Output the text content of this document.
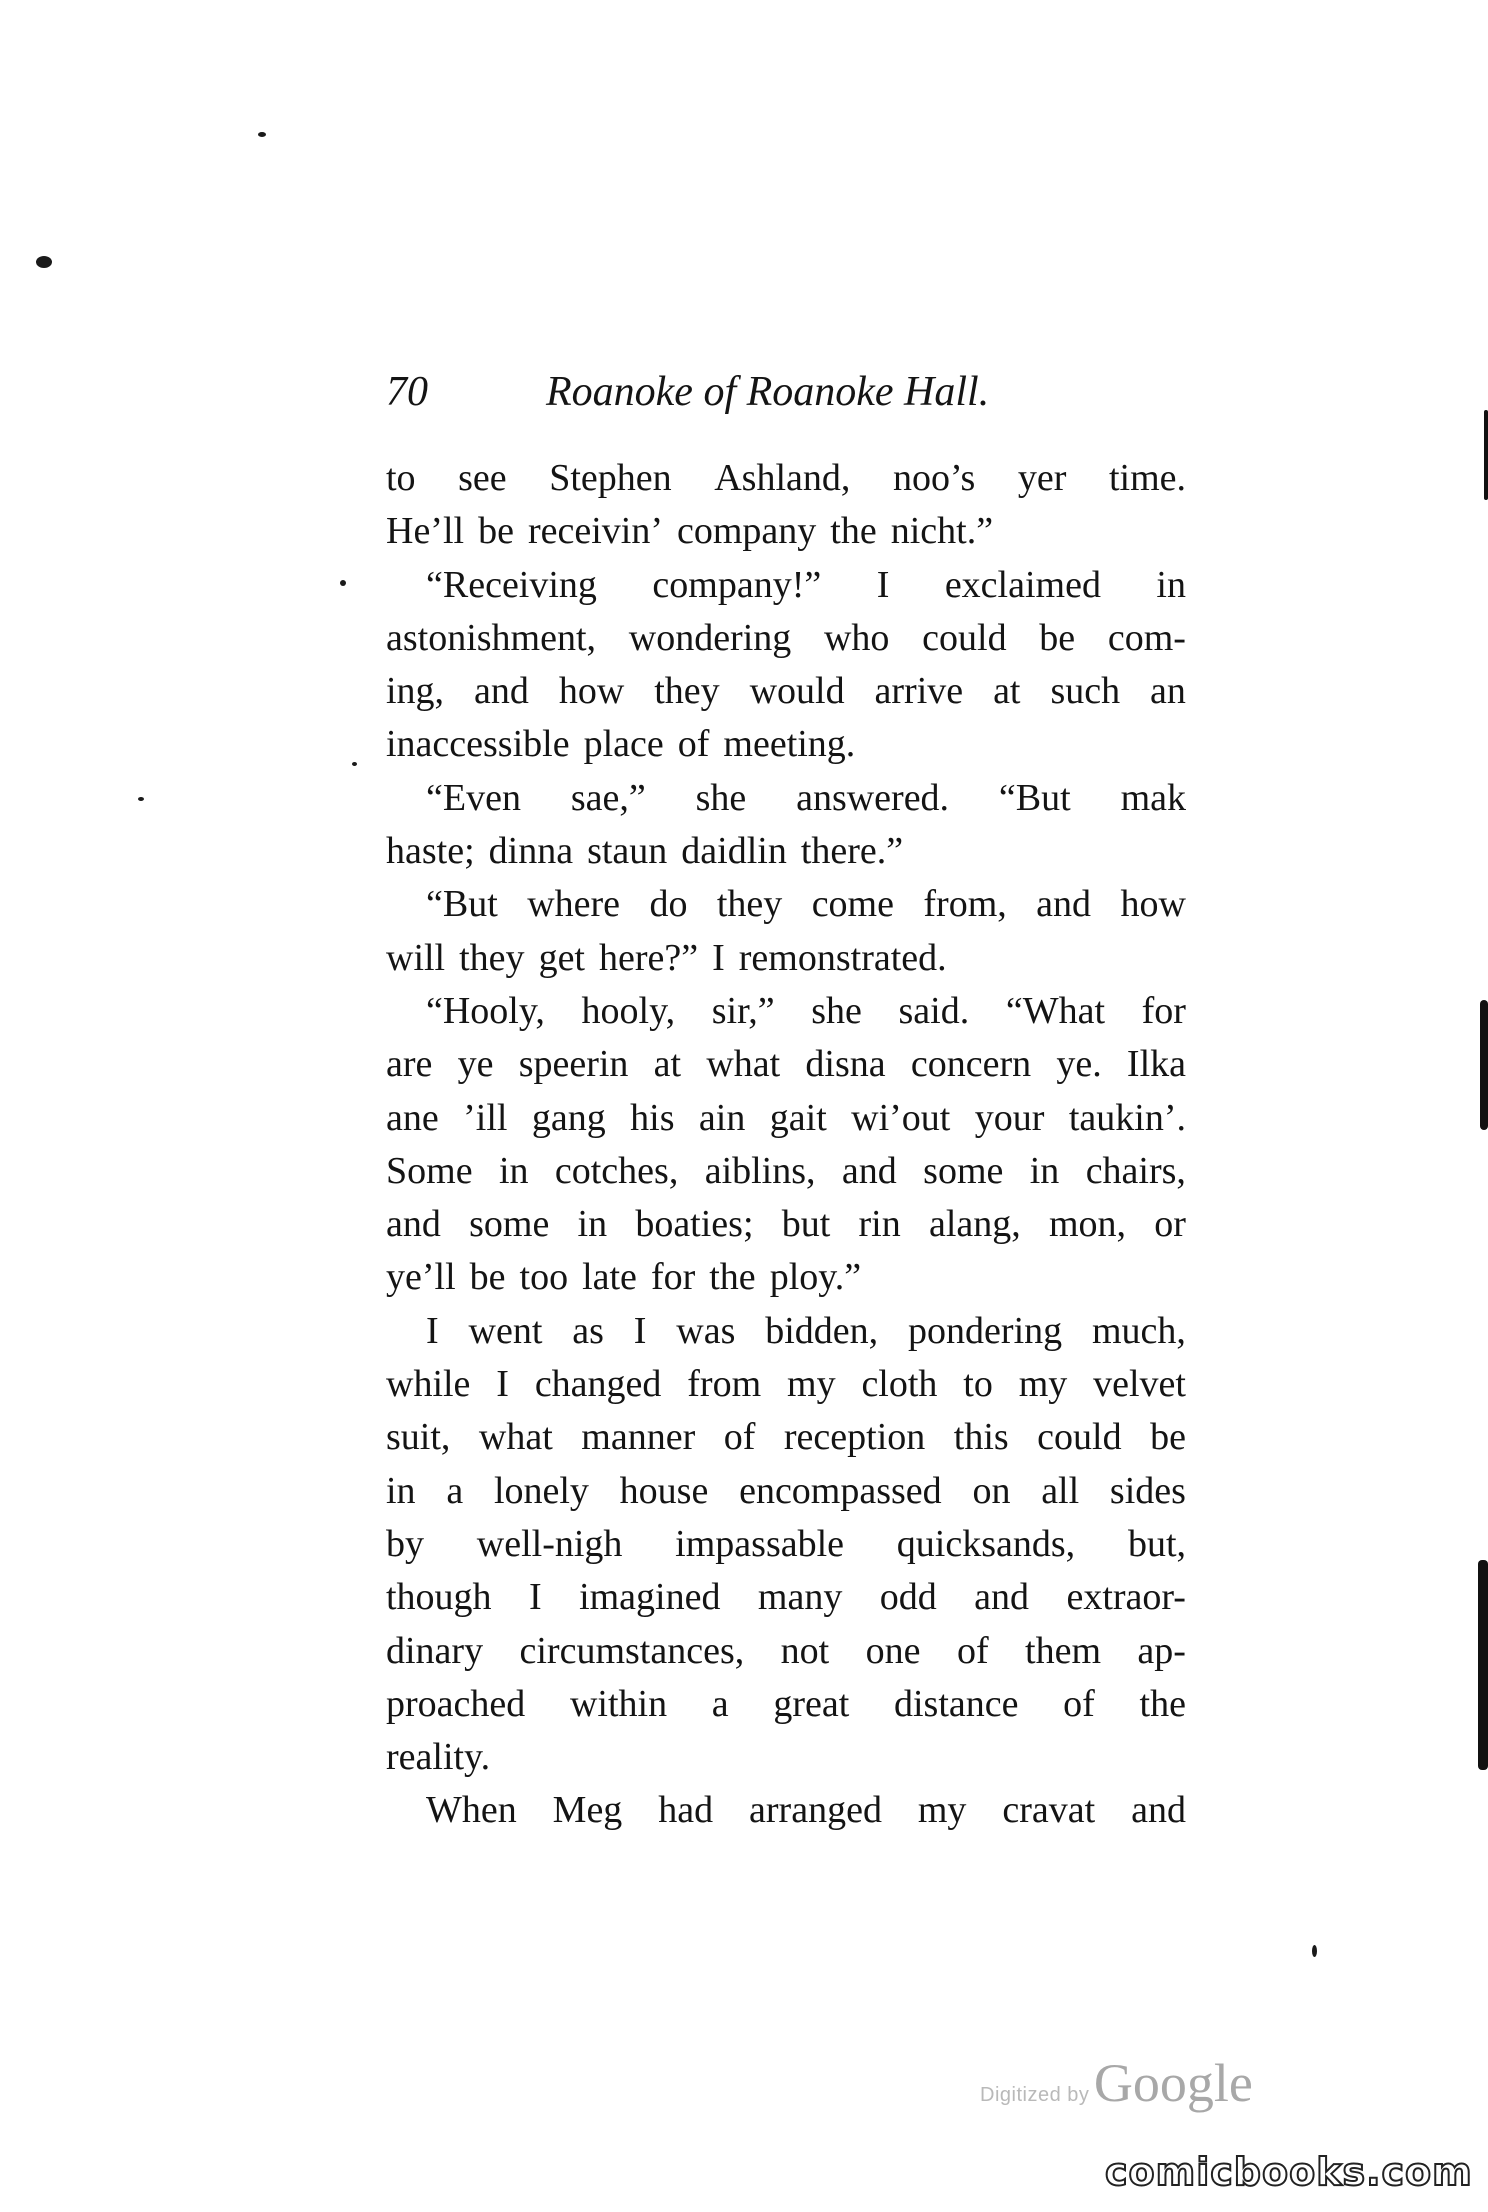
70	Roanoke of Roanoke Hall.
to see Stephen Ashland, noo’s yer time.
He’ll be receivin’ company the nicht.”
“Receiving company!” I exclaimed in
astonishment, wondering who could be com-
ing, and how they would arrive at such an
inaccessible place of meeting.
“Even sae,” she answered. “But mak
haste; dinna staun daidlin there.”
“But where do they come from, and how
will they get here?” I remonstrated.
“Hooly, hooly, sir,” she said. “What for
are ye speerin at what disna concern ye. Ilka
ane ’ill gang his ain gait wi’out your taukin’.
Some in cotches, aiblins, and some in chairs,
and some in boaties; but rin alang, mon, or
ye’ll be too late for the ploy.”
I went as I was bidden, pondering much,
while I changed from my cloth to my velvet
suit, what manner of reception this could be
in a lonely house encompassed on all sides
by well-nigh impassable quicksands, but,
though I imagined many odd and extraor-
dinary circumstances, not one of them ap-
proached within a great distance of the
reality.
When Meg had arranged my cravat and
Digitized by Google
comicbooks.com
